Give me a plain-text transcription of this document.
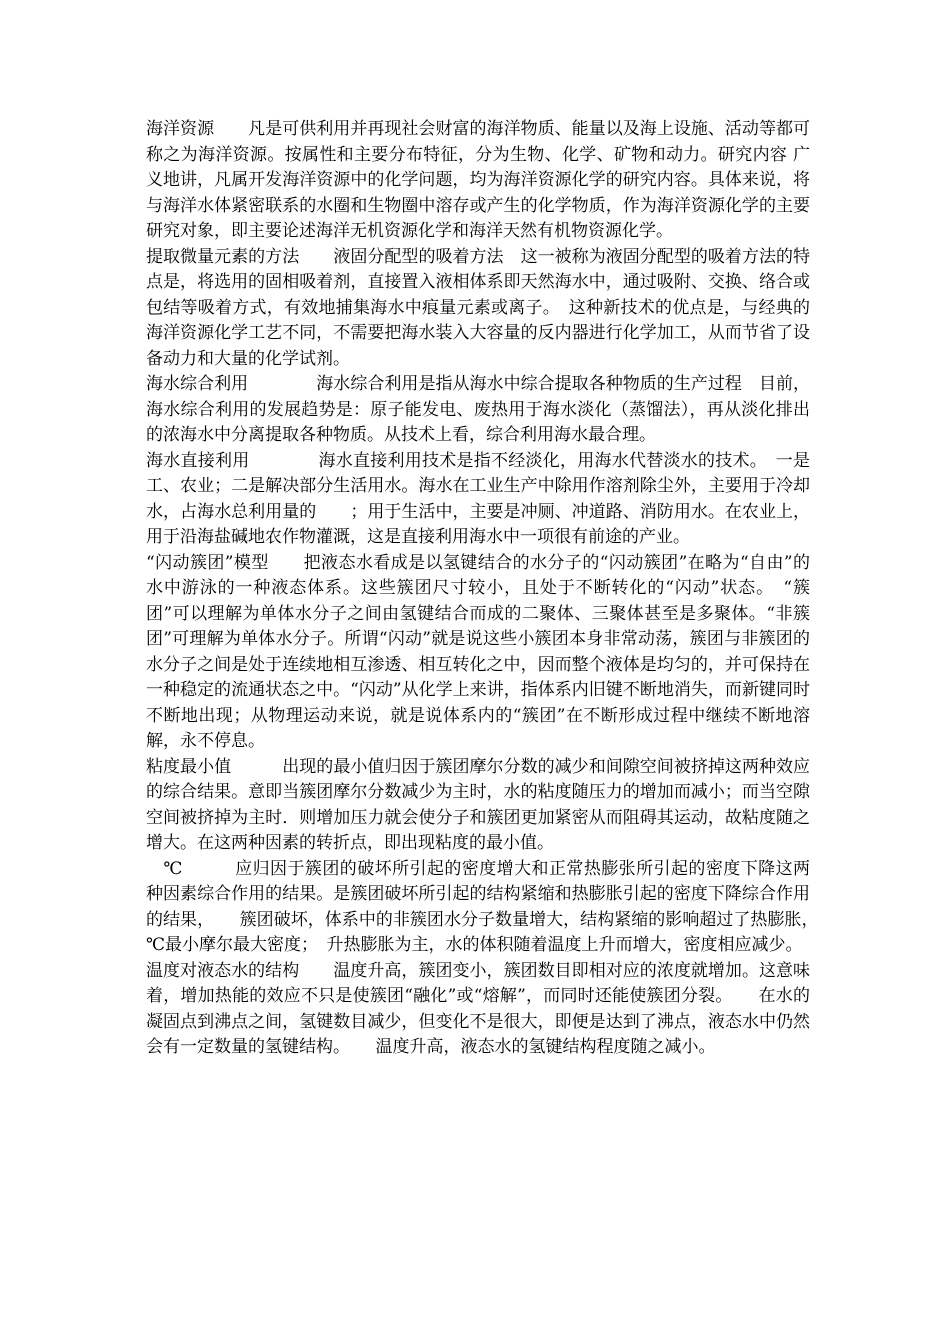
海洋资源　　 凡是可供利用并再现社会财富的海洋物质、能量以及海上设施、活动等都可称之为海洋资源。按属性和主要分布特征，分为生物、化学、矿物和动力。研究内容 广义地讲，凡属开发海洋资源中的化学问题，均为海洋资源化学的研究内容。具体来说，将与海洋水体紧密联系的水圈和生物圈中溶存或产生的化学物质，作为海洋资源化学的主要研究对象，即主要论述海洋无机资源化学和海洋天然有机物资源化学。

提取微量元素的方法　　 液固分配型的吸着方法　这一被称为液固分配型的吸着方法的特点是，将选用的固相吸着剂，直接置入液相体系即天然海水中，通过吸附、交换、络合或包结等吸着方式，有效地捕集海水中痕量元素或离子。　这种新技术的优点是，与经典的海洋资源化学工艺不同，不需要把海水装入大容量的反内器进行化学加工，从而节省了设备动力和大量的化学试剂。

海水综合利用　　　　	海水综合利用是指从海水中综合提取各种物质的生产过程　目前，海水综合利用的发展趋势是：原子能发电、废热用于海水淡化（蒸馏法），再从淡化排出的浓海水中分离提取各种物质。从技术上看，综合利用海水最合理。

海水直接利用　　　　	海水直接利用技术是指不经淡化，用海水代替淡水的技术。　一是工、农业；二是解决部分生活用水。海水在工业生产中除用作溶剂除尘外，主要用于冷却水，占海水总利用量的　　；用于生活中，主要是冲厕、冲道路、消防用水。在农业上，用于沿海盐碱地农作物灌溉，这是直接利用海水中一项很有前途的产业。

“闪动簇团”模型　　 把液态水看成是以氢键结合的水分子的“闪动簇团”在略为“自由”的水中游泳的一种液态体系。这些簇团尺寸较小，且处于不断转化的“闪动”状态。　“簇团”可以理解为单体水分子之间由氢键结合而成的二聚体、三聚体甚至是多聚体。“非簇团”可理解为单体水分子。所谓“闪动”就是说这些小簇团本身非常动荡，簇团与非簇团的水分子之间是处于连续地相互渗透、相互转化之中，因而整个液体是均匀的，并可保持在一种稳定的流通状态之中。“闪动”从化学上来讲，指体系内旧键不断地消失，而新键同时不断地出现；从物理运动来说，就是说体系内的“簇团”在不断形成过程中继续不断地溶解，永不停息。

粘度最小值　　　	出现的最小值归因于簇团摩尔分数的减少和间隙空间被挤掉这两种效应的综合结果。意即当簇团摩尔分数减少为主时，水的粘度随压力的增加而减小；而当空隙空间被挤掉为主时．则增加压力就会使分子和簇团更加紧密从而阻碍其运动，故粘度随之增大。在这两种因素的转折点，即出现粘度的最小值。

　℃　　　	应归因于簇团的破坏所引起的密度增大和正常热膨张所引起的密度下降这两种因素综合作用的结果。是簇团破坏所引起的结构紧缩和热膨胀引起的密度下降综合作用的结果，　　簇团破坏，体系中的非簇团水分子数量增大，结构紧缩的影响超过了热膨胀，　℃最小摩尔最大密度；　升热膨胀为主，水的体积随着温度上升而增大，密度相应减少。

温度对液态水的结构　　 温度升高，簇团变小，簇团数目即相对应的浓度就增加。这意味着，增加热能的效应不只是使簇团“融化”或“熔解”，而同时还能使簇团分裂。　　在水的凝固点到沸点之间，氢键数目减少，但变化不是很大，即便是达到了沸点，液态水中仍然会有一定数量的氢键结构。　　温度升高，液态水的氢键结构程度随之减小。
